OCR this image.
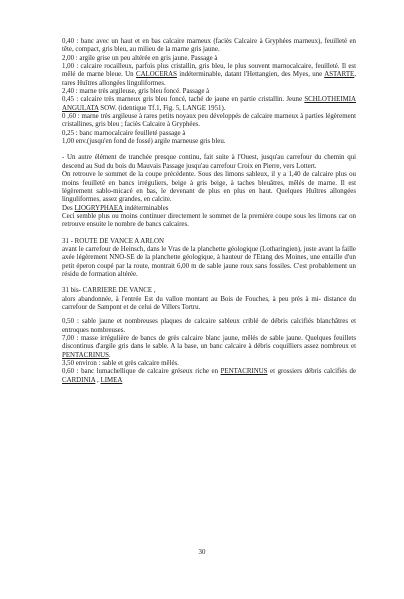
0,40 : banc avec un haut et en bas calcaire marneux (faciès Calcaire à Gryphées marneux), feuilleté en tête, compact, gris bleu, au milieu de la marne gris jaune.

2,00 : argile grise un peu altérée en gris jaune. Passage à

1,00 : calcaire rocailleux, parfois plus cristallin, gris bleu, le plus souvent marnocalcaire, feuilleté. Il est mêlé de marne bleue. Un CALOCERAS indéterminable, datant l'Hettangien, des Myes, une ASTARTE, rares Huîtres allongées linguliformes.

2,40 : marne très argileuse, gris bleu foncé. Passage à

0,45 : calcaire très marneux gris bleu foncé, taché de jaune en partie cristallin. Jeune SCHLOTHEIMIA ANGULATA SOW. (identique Tf.1, Fig. 5, LANGE 1951).

0 ,60 : marne très argileuse à rares petits noyaux peu développés de calcaire marneux à parties légèrement cristallines, gris bleu ; faciès Calcaire à Gryphées.

0,25 : banc marnocalcaire feuilleté passage à

1,00 env.(jusqu'en fond de fossé) argile marneuse gris bleu.

- Un autre élément de tranchée presque continu, fait suite à l'Ouest, jusqu'au carrefour du chemin qui descend au Sud du bois du Mauvais Passage jusqu'au carrefour Croix en Pierre, vers Lottert.

On retrouve le sommet de la coupe précédente. Sous des limons sableux, il y a 1,40 de calcaire plus ou moins feuilleté en bancs irréguliers, beige à gris beige, à taches bleuâtres, mêlés de marne. Il est légèrement sablo-micacé en bas, le devenant de plus en plus en haut. Quelques Huîtres allongées linguliformes, assez grandes, en calcite.

Des LIOGRYPHAEA indéterminables

Ceci semble plus ou moins continuer directement le sommet de la première coupe sous les limons car on retrouve ensuite le nombre de bancs calcaires.

31 - ROUTE DE VANCE A ARLON

avant le carrefour de Heinsch, dans le Vras de la planchette géologique (Lotharingien), juste avant la faille axée légèrement NNO-SE de la planchette géologique, à hauteur de l'Etang des Moines, une entaille d'un petit éperon coupé par la route, montrait 6,00 m de sable jaune roux sans fossiles. C'est probablement un résidu de formation altérée.

31 bis- CARRIERE DE VANCE ,

alors abandonnée, à l'entrée Est du vallon montant au Bois de Fouches, à peu près à mi- distance du carrefour de Sampont et de celui de Villers Tortru.

0,50 : sable jaune et nombreuses plaques de calcaire sableux criblé de débris calcifiés blanchâtres et entroques nombreuses.

7,00 : masse irrégulière de bancs de grès calcaire blanc jaune, mêlés de sable jaune. Quelques feuillets discontinus d'argile gris dans le sable. A la base, un banc calcaire à débris coquilliers assez nombreux et PENTACRINUS.

3,50 environ : sable et grès calcaire mêlés.

0,60 : banc lumachellique de calcaire gréseux riche en PENTACRINUS et grossiers débris calcifiés de CARDINIA , LIMEA

30
